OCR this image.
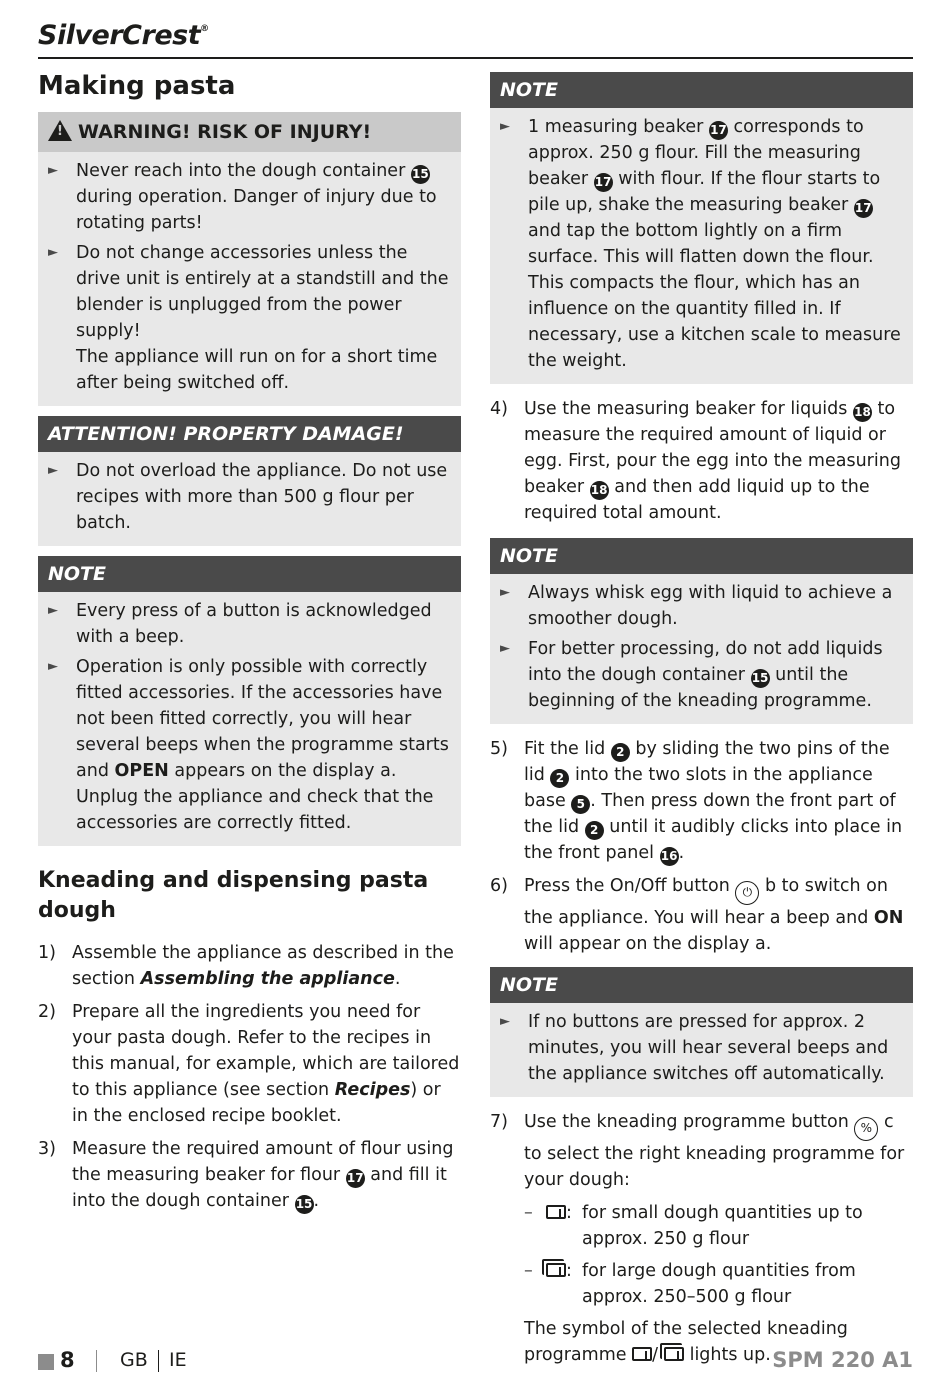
SilverCrest®
Making pasta
!WARNING! RISK OF INJURY!
►	Never reach into the dough container 15 during operation. Danger of injury due to rotating parts!
►	Do not change accessories unless the drive unit is entirely at a standstill and the blender is unplugged from the power supply!
The appliance will run on for a short time after being switched off.
ATTENTION! PROPERTY DAMAGE!
►	Do not overload the appliance. Do not use recipes with more than 500 g flour per batch.
NOTE
►	Every press of a button is acknowledged with a beep.
►	Operation is only possible with correctly fitted accessories. If the accessories have not been fitted correctly, you will hear several beeps when the programme starts and OPEN appears on the display a. Unplug the appliance and check that the accessories are correctly fitted.
Kneading and dispensing pasta dough
1) Assemble the appliance as described in the section Assembling the appliance.
2) Prepare all the ingredients you need for your pasta dough. Refer to the recipes in this manual, for example, which are tailored to this appliance (see section Recipes) or in the enclosed recipe booklet.
3) Measure the required amount of flour using the measuring beaker for flour 17 and fill it into the dough container 15.
NOTE
►	1 measuring beaker 17 corresponds to approx. 250 g flour. Fill the measuring beaker 17 with flour. If the flour starts to pile up, shake the measuring beaker 17 and tap the bottom lightly on a firm surface. This will flatten down the flour. This compacts the flour, which has an influence on the quantity filled in. If necessary, use a kitchen scale to measure the weight.
4) Use the measuring beaker for liquids 18 to measure the required amount of liquid or egg. First, pour the egg into the measuring beaker 18 and then add liquid up to the required total amount.
NOTE
►	Always whisk egg with liquid to achieve a smoother dough.
►	For better processing, do not add liquids into the dough container 15 until the beginning of the kneading programme.
5) Fit the lid 2 by sliding the two pins of the lid 2 into the two slots in the appliance base 5 . Then press down the front part of the lid 2 until it audibly clicks into place in the front panel 16.
6) Press the On/Off button ⏻ b to switch on the appliance. You will hear a beep and ON will appear on the display a.
NOTE
►	If no buttons are pressed for approx. 2 minutes, you will hear several beeps and the appliance switches off automatically.
7) Use the kneading programme button % c to select the right kneading programme for your dough:
–	: for small dough quantities up to approx. 250 g flour
–	: for large dough quantities from approx. 250–500 g flour
The symbol of the selected kneading programme / lights up.
8 GB IE	SPM 220 A1
